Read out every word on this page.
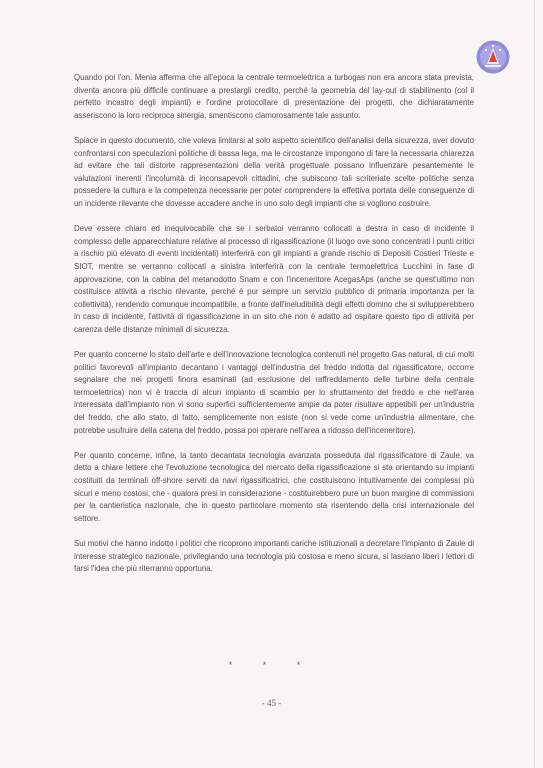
Quando poi l'on. Menia afferma che all'epoca la centrale termoelettrica a turbogas non era ancora stata prevista, diventa ancora più difficile continuare a prestargli credito, perché la geometria del lay-out di stabilimento (col il perfetto incastro degli impianti) e l'ordine protocollare di presentazione dei progetti, che dichiaratamente asseriscono la loro reciproca sinergia, smentiscono clamorosamente tale assunto.

Spiace in questo documento, che voleva limitarsi al solo aspetto scientifico dell'analisi della sicurezza, aver dovuto confrontarsi con speculazioni politiche di bassa lega, ma le circostanze impongono di fare la necessaria chiarezza ad evitare che tali distorte rappresentazioni della verità progettuale possano influenzare pesantemente le valutazioni inerenti l'incolumità di inconsapevoli cittadini, che subiscono tali scriteriate scelte politiche senza possedere la cultura e la competenza necessarie per poter comprendere la effettiva portata delle conseguenze di un incidente rilevante che dovesse accadere anche in uno solo degli impianti che si vogliono costruire.

Deve essere chiaro ed inequivocabile che se i serbatoi verranno collocati a destra in caso di incidente il complesso delle apparecchiature relative al processo di rigassificazione (il luogo ove sono concentrati i punti critici a rischio più elevato di eventi incidentali) interferirà con gli impianti a grande rischio di Depositi Costieri Trieste e SIOT, mentre se verranno collocati a sinistra interferirà con la centrale termoelettrica Lucchini in fase di approvazione, con la cabina del metanodotto Snam e con l'inceneritore AcegasAps (anche se quest'ultimo non costituisce attività a rischio rilevante, perché è pur sempre un servizio pubblico di primaria importanza per la collettività), rendendo comunque incompatibile, a fronte dell'ineludibilità degli effetti domino che si svilupperebbero in caso di incidente, l'attività di rigassificazione in un sito che non è adatto ad ospitare questo tipo di attività per carenza delle distanze minimali di sicurezza.

Per quanto concerne lo stato dell'arte e dell'innovazione tecnologica contenuti nel progetto Gas natural, di cui molti politici favorevoli all'impianto decantano i vantaggi dell'industria del freddo indotta dal rigassificatore, occorre segnalare che nei progetti finora esaminati (ad esclusione del raffreddamento delle turbine della centrale termoelettrica) non vi è traccia di alcun impianto di scambio per lo sfruttamento del freddo e che nell'area interessata dall'impianto non vi sono superfici sufficientemente ampie da poter risultare appetibili per un'industria del freddo, che allo stato, di fatto, semplicemente non esiste (non si vede come un'industria alimentare, che potrebbe usufruire della catena del freddo, possa poi operare nell'area a ridosso dell'inceneritore).

Per quanto concerne, infine, la tanto decantata tecnologia avanzata posseduta dal rigassificatore di Zaule, va detto a chiare lettere che l'evoluzione tecnologica del mercato della rigassificazione si sta orientando su impianti costituiti da terminali off-shore serviti da navi rigassificatrici, che costituiscono intuitivamente dei complessi più sicuri e meno costosi, che - qualora presi in considerazione - costituirebbero pure un buon margine di commissioni per la cantieristica nazionale, che in questo particolare momento sta risentendo della crisi internazionale del settore.

Sui motivi che hanno indotto i politici che ricoprono importanti cariche istituzionali a decretare l'impianto di Zaule di interesse strategico nazionale, privilegiando una tecnologia più costosa e meno sicura, si lasciano liberi i lettori di farsi l'idea che più riterranno opportuna.

* * *
- 45 -
